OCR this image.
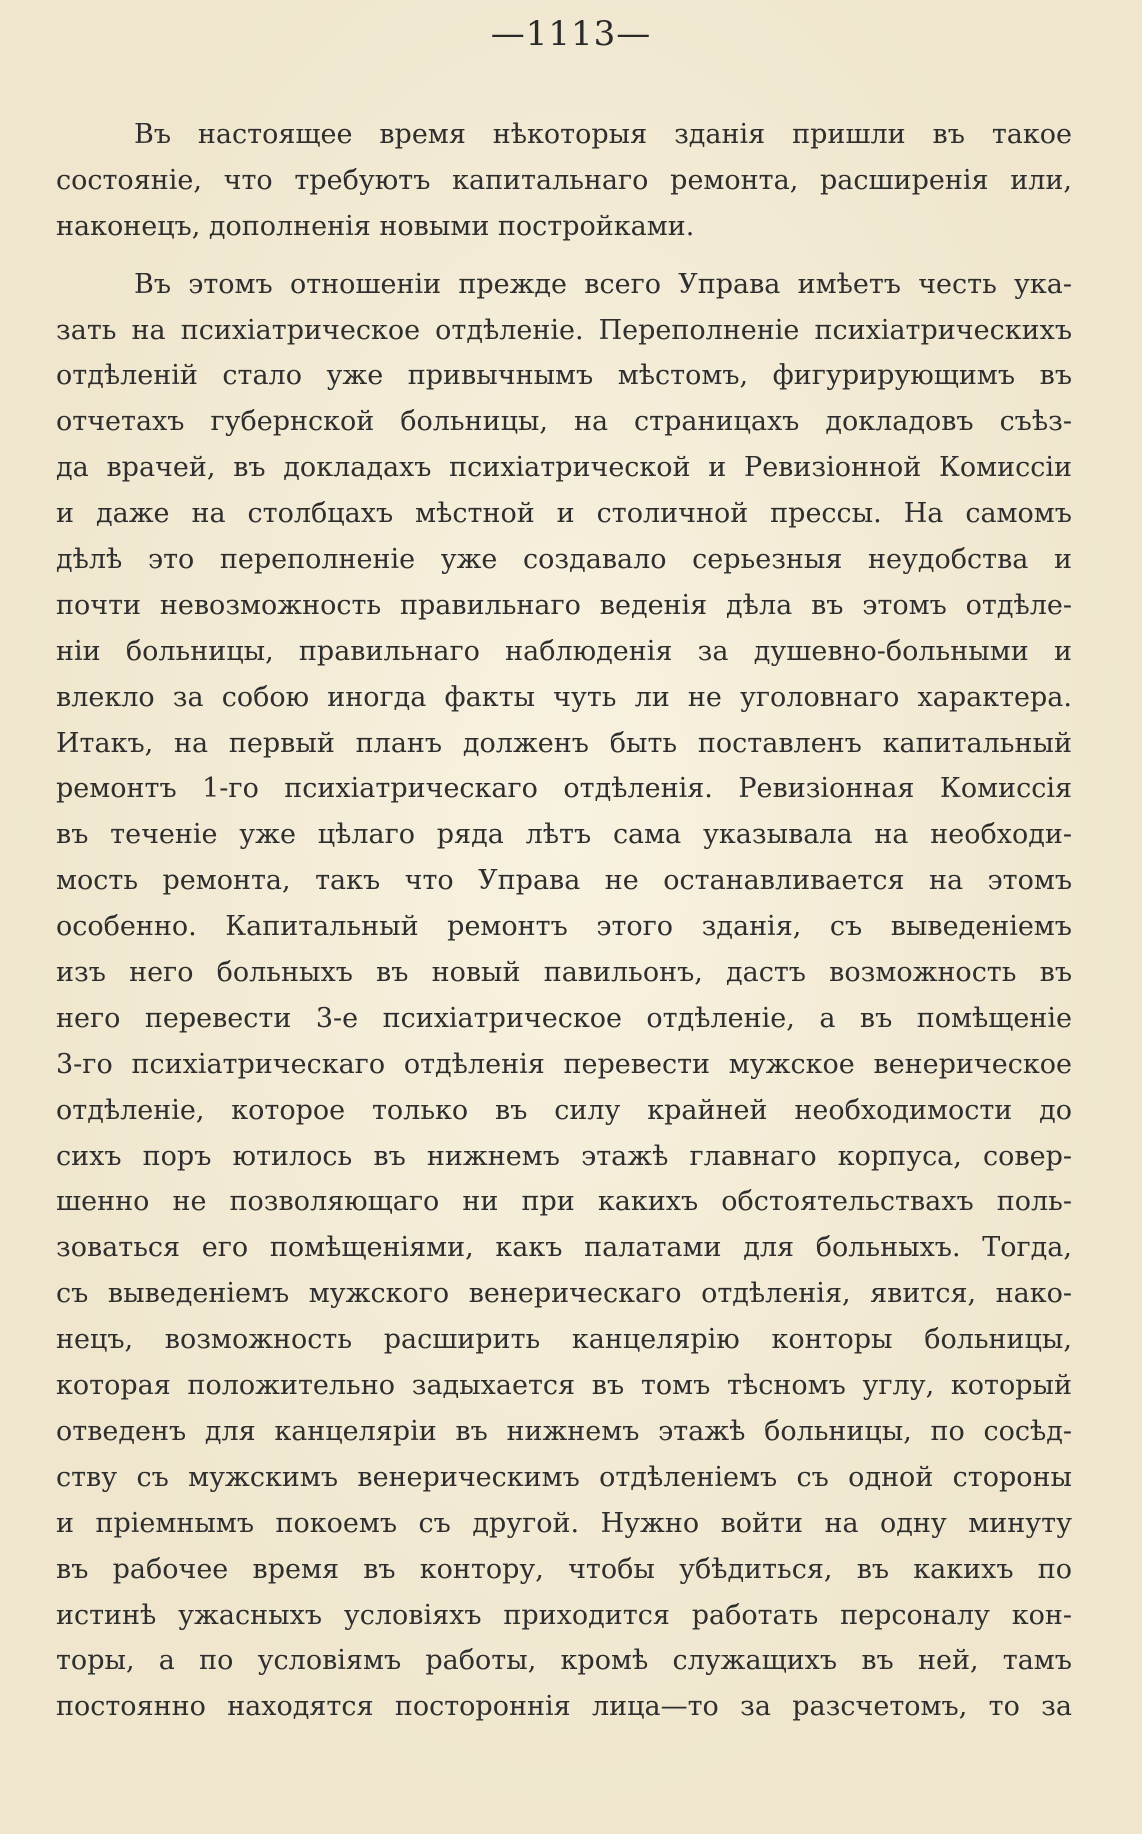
—1113—
Въ настоящее время нѣкоторыя зданія пришли въ такое
состояніе, что требуютъ капитальнаго ремонта, расширенія или,
наконецъ, дополненія новыми постройками.
Въ этомъ отношеніи прежде всего Управа имѣетъ честь ука-
зать на психіатрическое отдѣленіе. Переполненіе психіатрическихъ
отдѣленій стало уже привычнымъ мѣстомъ, фигурирующимъ въ
отчетахъ губернской больницы, на страницахъ докладовъ съѣз-
да врачей, въ докладахъ психіатрической и Ревизіонной Комиссіи
и даже на столбцахъ мѣстной и столичной прессы. На самомъ
дѣлѣ это переполненіе уже создавало серьезныя неудобства и
почти невозможность правильнаго веденія дѣла въ этомъ отдѣле-
ніи больницы, правильнаго наблюденія за душевно-больными и
влекло за собою иногда факты чуть ли не уголовнаго характера.
Итакъ, на первый планъ долженъ быть поставленъ капитальный
ремонтъ 1-го психіатрическаго отдѣленія. Ревизіонная Комиссія
въ теченіе уже цѣлаго ряда лѣтъ сама указывала на необходи-
мость ремонта, такъ что Управа не останавливается на этомъ
особенно. Капитальный ремонтъ этого зданія, съ выведеніемъ
изъ него больныхъ въ новый павильонъ, дастъ возможность въ
него перевести 3-е психіатрическое отдѣленіе, а въ помѣщеніе
3-го психіатрическаго отдѣленія перевести мужское венерическое
отдѣленіе, которое только въ силу крайней необходимости до
сихъ поръ ютилось въ нижнемъ этажѣ главнаго корпуса, совер-
шенно не позволяющаго ни при какихъ обстоятельствахъ поль-
зоваться его помѣщеніями, какъ палатами для больныхъ. Тогда,
съ выведеніемъ мужского венерическаго отдѣленія, явится, нако-
нецъ, возможность расширить канцелярію конторы больницы,
которая положительно задыхается въ томъ тѣсномъ углу, который
отведенъ для канцеляріи въ нижнемъ этажѣ больницы, по сосѣд-
ству съ мужскимъ венерическимъ отдѣленіемъ съ одной стороны
и пріемнымъ покоемъ съ другой. Нужно войти на одну минуту
въ рабочее время въ контору, чтобы убѣдиться, въ какихъ по
истинѣ ужасныхъ условіяхъ приходится работать персоналу кон-
торы, а по условіямъ работы, кромѣ служащихъ въ ней, тамъ
постоянно находятся постороннія лица—то за разсчетомъ, то за
